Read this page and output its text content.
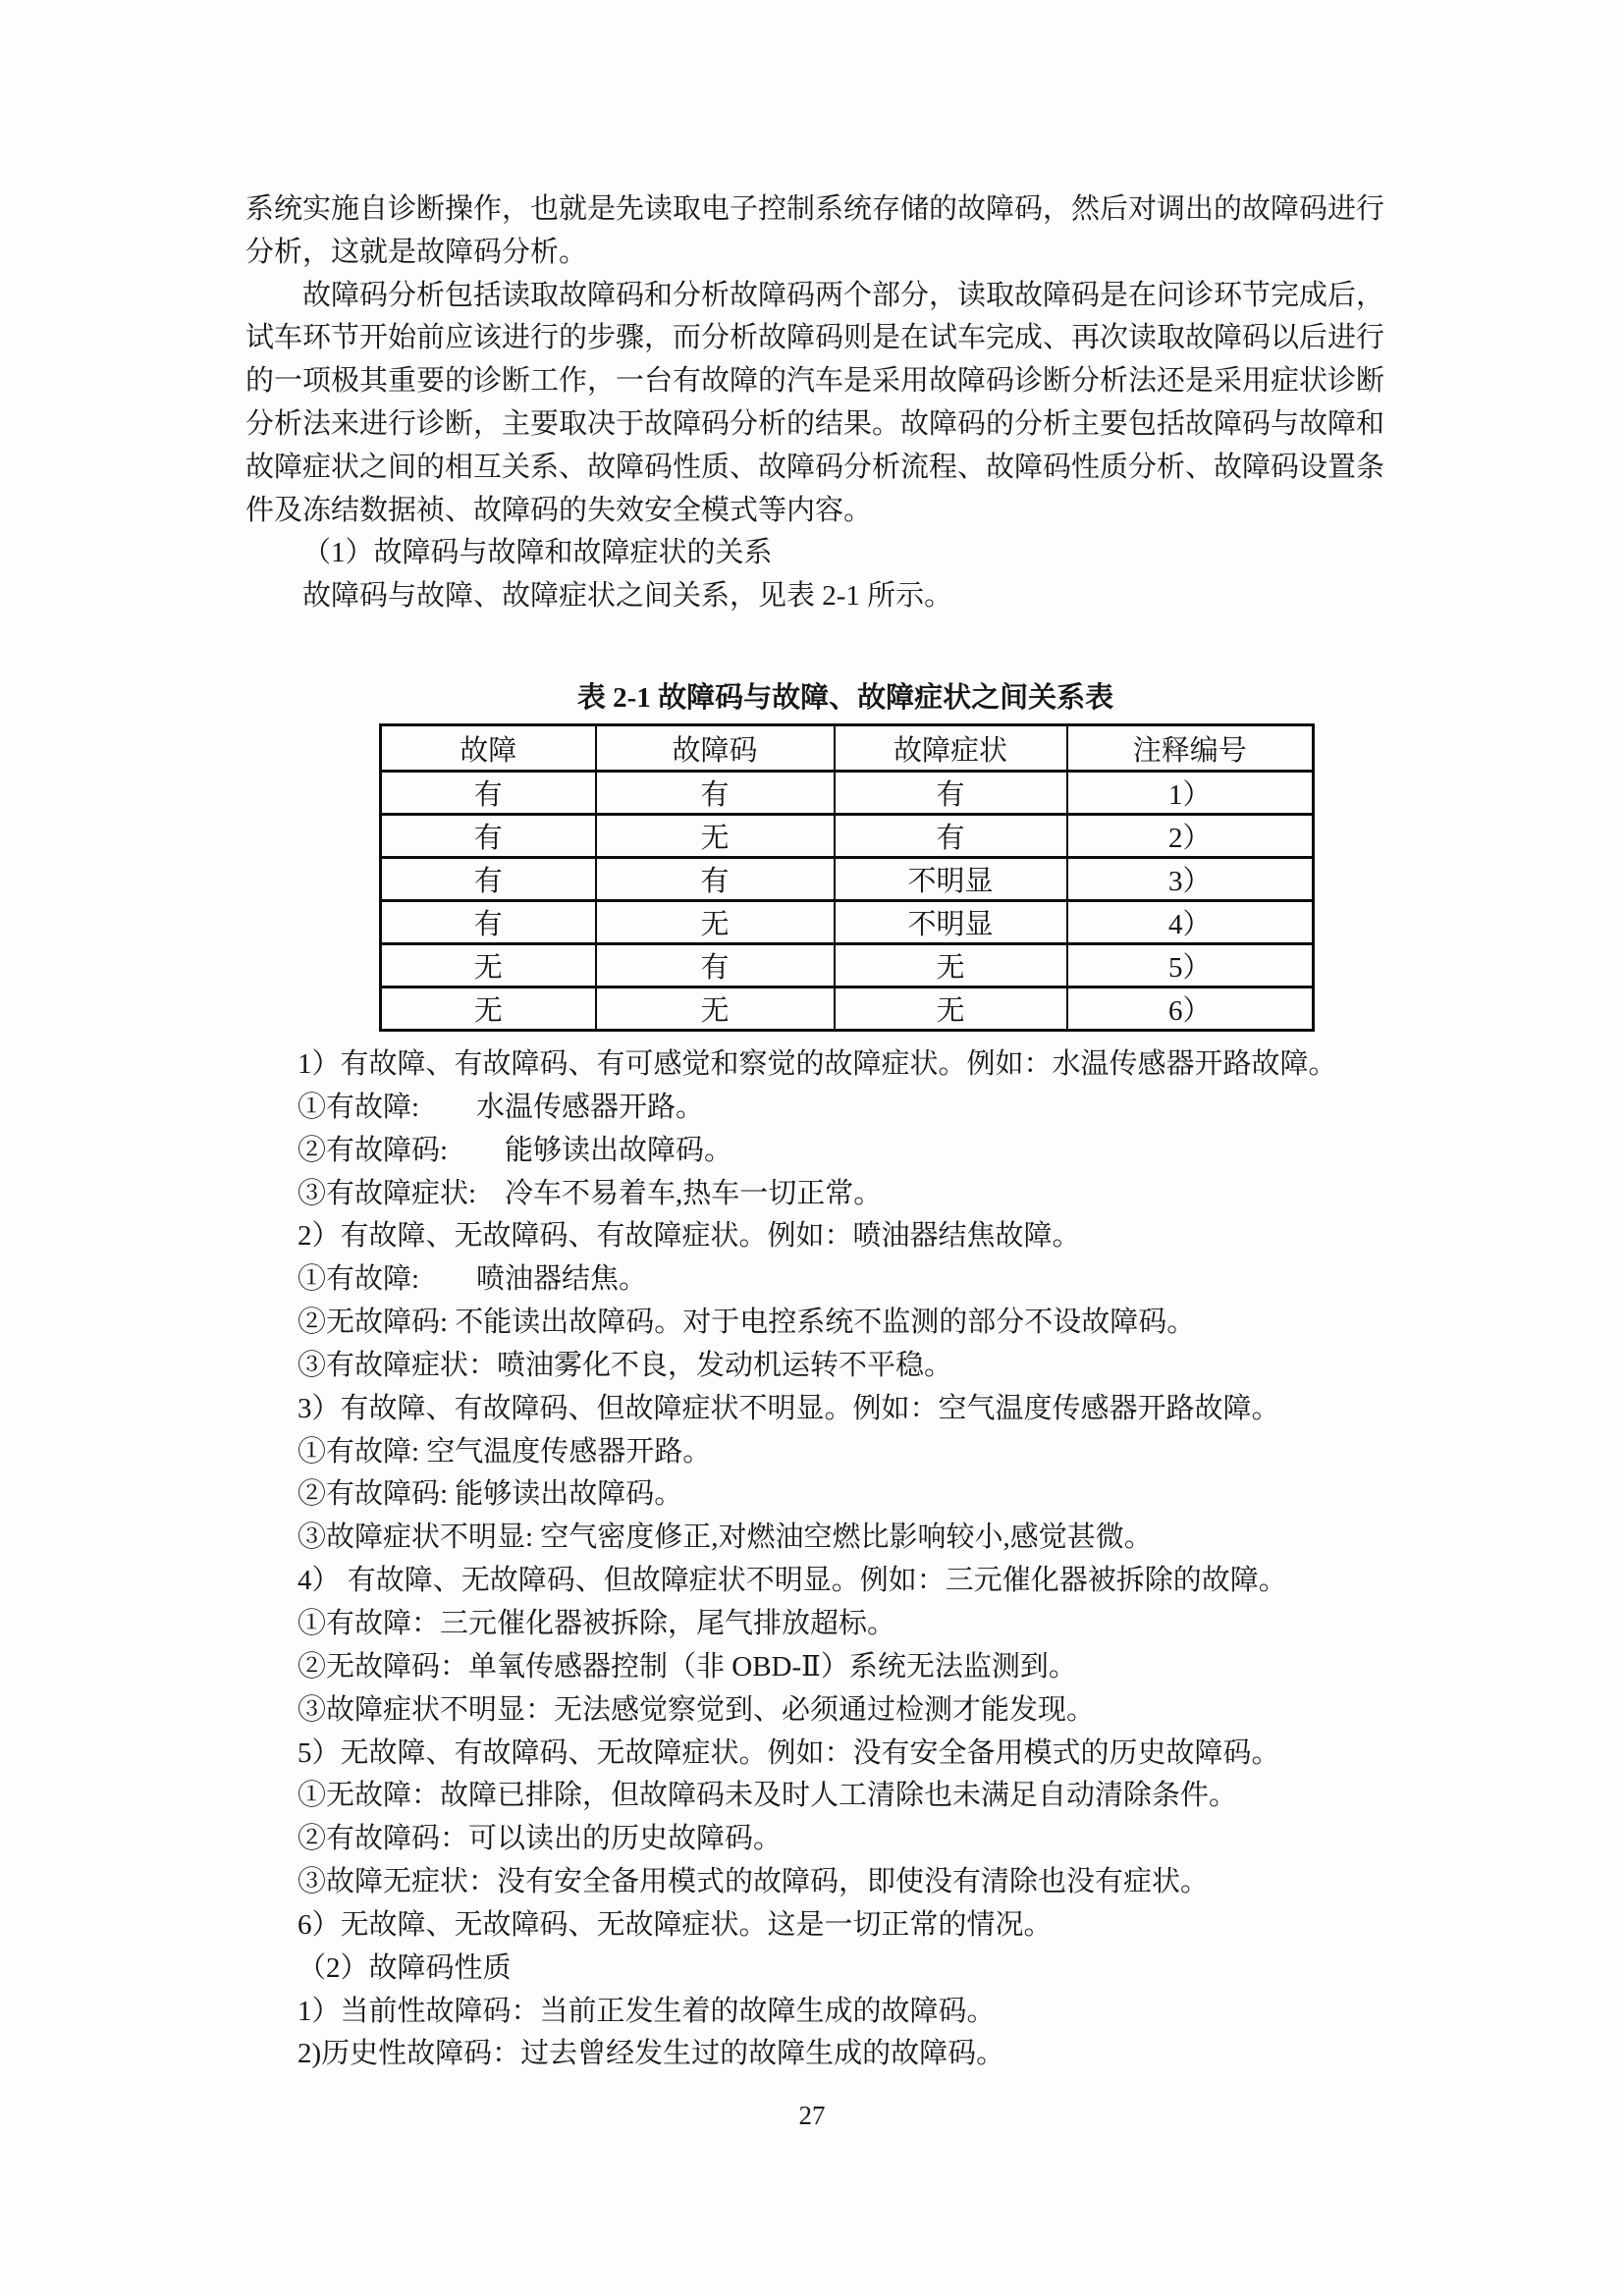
系统实施自诊断操作，也就是先读取电子控制系统存储的故障码，然后对调出的故障码进行
分析，这就是故障码分析。
故障码分析包括读取故障码和分析故障码两个部分，读取故障码是在问诊环节完成后，
试车环节开始前应该进行的步骤，而分析故障码则是在试车完成、再次读取故障码以后进行
的一项极其重要的诊断工作，一台有故障的汽车是采用故障码诊断分析法还是采用症状诊断
分析法来进行诊断，主要取决于故障码分析的结果。故障码的分析主要包括故障码与故障和
故障症状之间的相互关系、故障码性质、故障码分析流程、故障码性质分析、故障码设置条
件及冻结数据祯、故障码的失效安全模式等内容。
（1）故障码与故障和故障症状的关系
故障码与故障、故障症状之间关系，见表 2-1 所示。
表 2-1 故障码与故障、故障症状之间关系表
故障	故障码	故障症状	注释编号
有	有	有	1）
有	无	有	2）
有	有	不明显	3）
有	无	不明显	4）
无	有	无	5）
无	无	无	6）
1）有故障、有故障码、有可感觉和察觉的故障症状。例如：水温传感器开路故障。
①有故障:　　水温传感器开路。
②有故障码:　　能够读出故障码。
③有故障症状:　冷车不易着车,热车一切正常。
2）有故障、无故障码、有故障症状。例如：喷油器结焦故障。
①有故障:　　喷油器结焦。
②无故障码: 不能读出故障码。对于电控系统不监测的部分不设故障码。
③有故障症状：喷油雾化不良，发动机运转不平稳。
3）有故障、有故障码、但故障症状不明显。例如：空气温度传感器开路故障。
①有故障: 空气温度传感器开路。
②有故障码: 能够读出故障码。
③故障症状不明显: 空气密度修正,对燃油空燃比影响较小,感觉甚微。
4） 有故障、无故障码、但故障症状不明显。例如：三元催化器被拆除的故障。
①有故障：三元催化器被拆除，尾气排放超标。
②无故障码：单氧传感器控制（非 OBD-Ⅱ）系统无法监测到。
③故障症状不明显：无法感觉察觉到、必须通过检测才能发现。
5）无故障、有故障码、无故障症状。例如：没有安全备用模式的历史故障码。
①无故障：故障已排除，但故障码未及时人工清除也未满足自动清除条件。
②有故障码：可以读出的历史故障码。
③故障无症状：没有安全备用模式的故障码，即使没有清除也没有症状。
6）无故障、无故障码、无故障症状。这是一切正常的情况。
（2）故障码性质
1）当前性故障码：当前正发生着的故障生成的故障码。
2)历史性故障码：过去曾经发生过的故障生成的故障码。
27
